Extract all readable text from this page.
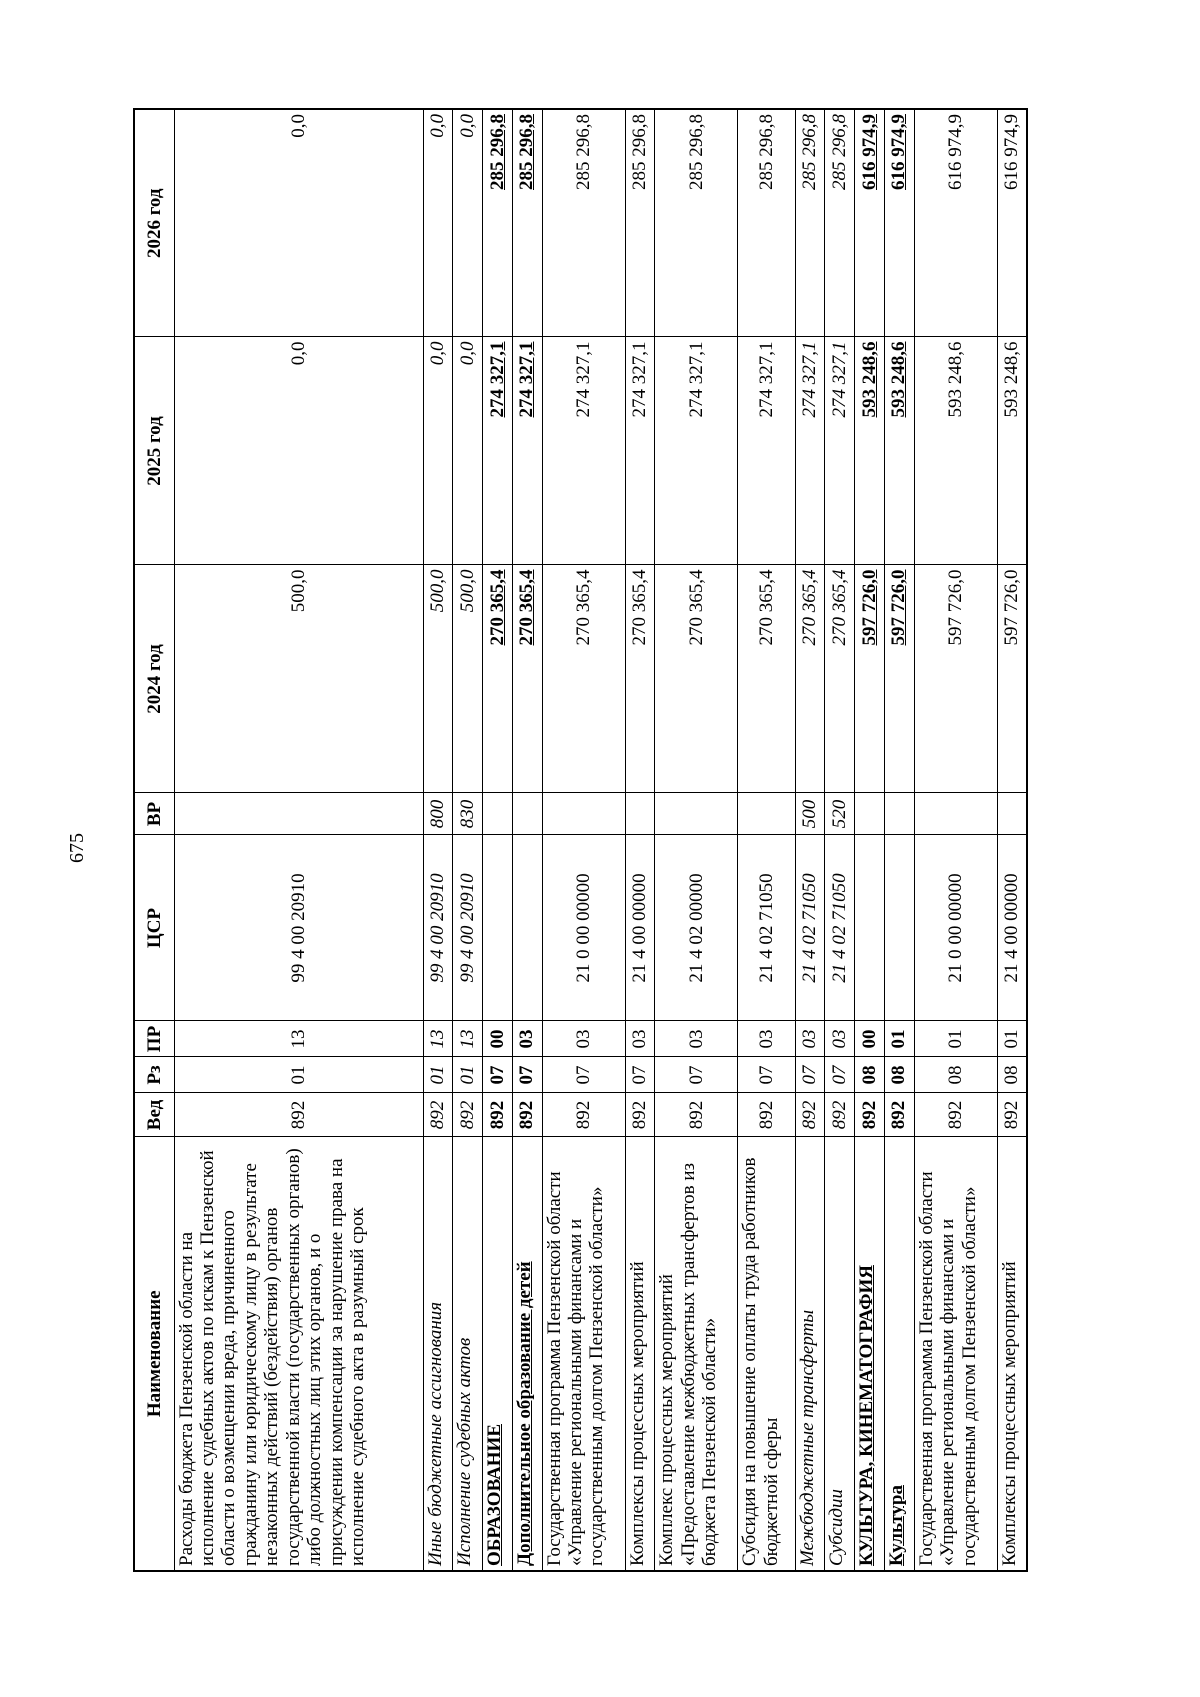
675
Наименование	Вед	Рз	ПР	ЦСР	ВР	2024 год	2025 год	2026 год
Расходы бюджета Пензенской области на исполнение судебных актов по искам к Пензенской области о возмещении вреда, причиненного гражданину или юридическому лицу в результате незаконных действий (бездействия) органов государственной власти (государственных органов) либо должностных лиц этих органов, и о присуждении компенсации за нарушение права на исполнение судебного акта в разумный срок	892	01	13	99 4 00 20910		500,0	0,0	0,0
Иные бюджетные ассигнования	892	01	13	99 4 00 20910	800	500,0	0,0	0,0
Исполнение судебных актов	892	01	13	99 4 00 20910	830	500,0	0,0	0,0
ОБРАЗОВАНИЕ	892	07	00			270 365,4	274 327,1	285 296,8
Дополнительное образование детей	892	07	03			270 365,4	274 327,1	285 296,8
Государственная программа Пензенской области «Управление региональными финансами и государственным долгом Пензенской области»	892	07	03	21 0 00 00000		270 365,4	274 327,1	285 296,8
Комплексы процессных мероприятий	892	07	03	21 4 00 00000		270 365,4	274 327,1	285 296,8
Комплекс процессных мероприятий «Предоставление межбюджетных трансфертов из бюджета Пензенской области»	892	07	03	21 4 02 00000		270 365,4	274 327,1	285 296,8
Субсидия на повышение оплаты труда работников бюджетной сферы	892	07	03	21 4 02 71050		270 365,4	274 327,1	285 296,8
Межбюджетные трансферты	892	07	03	21 4 02 71050	500	270 365,4	274 327,1	285 296,8
Субсидии	892	07	03	21 4 02 71050	520	270 365,4	274 327,1	285 296,8
КУЛЬТУРА, КИНЕМАТОГРАФИЯ	892	08	00			597 726,0	593 248,6	616 974,9
Культура	892	08	01			597 726,0	593 248,6	616 974,9
Государственная программа Пензенской области «Управление региональными финансами и государственным долгом Пензенской области»	892	08	01	21 0 00 00000		597 726,0	593 248,6	616 974,9
Комплексы процессных мероприятий	892	08	01	21 4 00 00000		597 726,0	593 248,6	616 974,9
